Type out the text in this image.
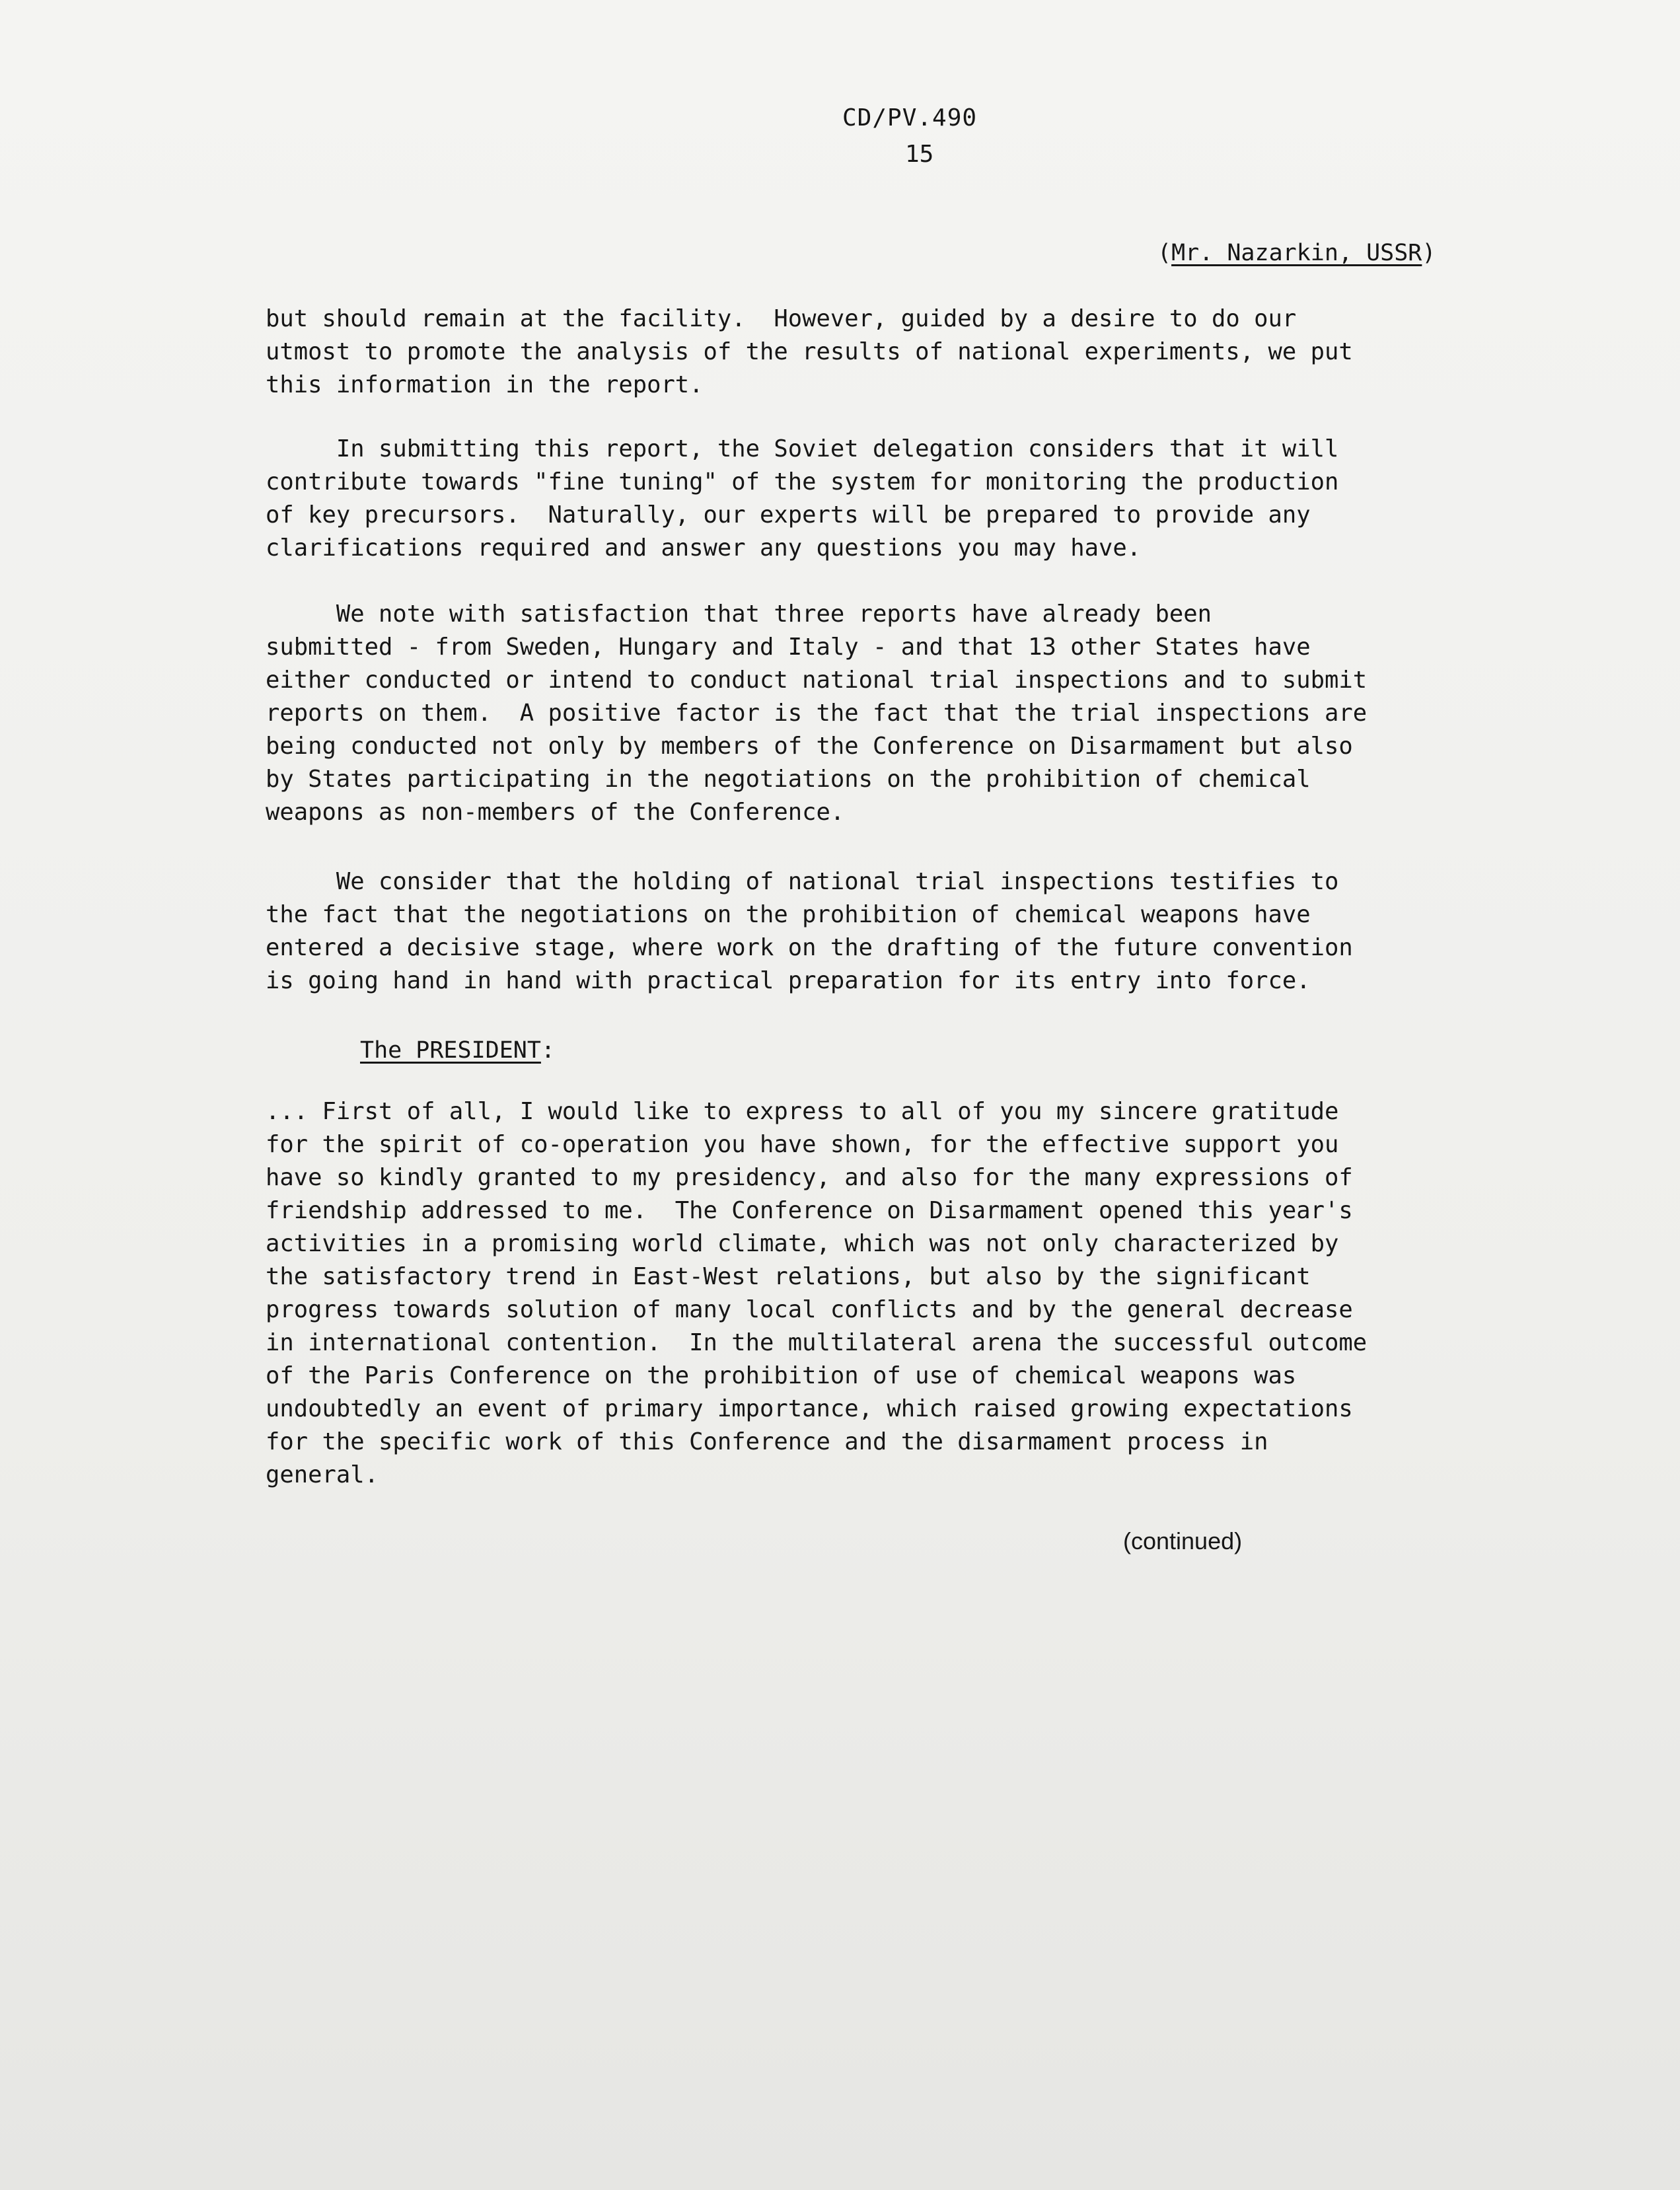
CD/PV.490
15
(Mr. Nazarkin, USSR)
but should remain at the facility.  However, guided by a desire to do our
utmost to promote the analysis of the results of national experiments, we put
this information in the report.
In submitting this report, the Soviet delegation considers that it will
contribute towards "fine tuning" of the system for monitoring the production
of key precursors.  Naturally, our experts will be prepared to provide any
clarifications required and answer any questions you may have.
We note with satisfaction that three reports have already been
submitted - from Sweden, Hungary and Italy - and that 13 other States have
either conducted or intend to conduct national trial inspections and to submit
reports on them.  A positive factor is the fact that the trial inspections are
being conducted not only by members of the Conference on Disarmament but also
by States participating in the negotiations on the prohibition of chemical
weapons as non-members of the Conference.
We consider that the holding of national trial inspections testifies to
the fact that the negotiations on the prohibition of chemical weapons have
entered a decisive stage, where work on the drafting of the future convention
is going hand in hand with practical preparation for its entry into force.
The PRESIDENT:
... First of all, I would like to express to all of you my sincere gratitude
for the spirit of co-operation you have shown, for the effective support you
have so kindly granted to my presidency, and also for the many expressions of
friendship addressed to me.  The Conference on Disarmament opened this year's
activities in a promising world climate, which was not only characterized by
the satisfactory trend in East-West relations, but also by the significant
progress towards solution of many local conflicts and by the general decrease
in international contention.  In the multilateral arena the successful outcome
of the Paris Conference on the prohibition of use of chemical weapons was
undoubtedly an event of primary importance, which raised growing expectations
for the specific work of this Conference and the disarmament process in
general.
(continued)
